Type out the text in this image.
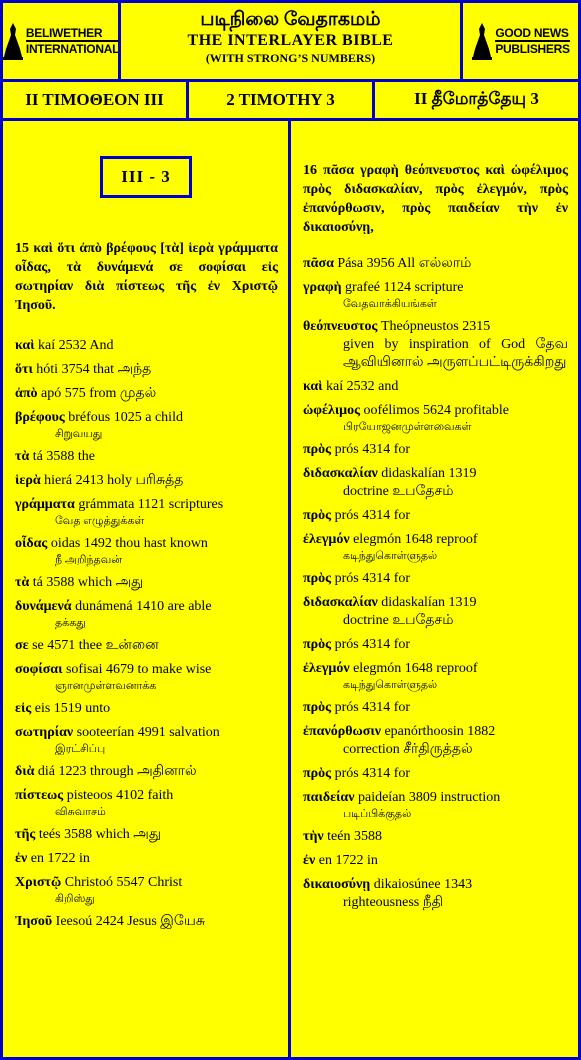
BELIWETHER
INTERNATIONAL
படிநிலை வேதாகமம்
THE INTERLAYER BIBLE
(WITH STRONG’S NUMBERS)
GOOD NEWS
PUBLISHERS
II TIMOΘEON III	2 TIMOTHY 3	II தீமோத்தேயு 3
III - 3
15 καὶ ὅτι ἀπὸ βρέφους [τὰ] ἱερὰ γράμματα οἶδας, τὰ δυνάμενά σε σοφίσαι εἰς σωτηρίαν διὰ πίστεως τῆς ἐν Χριστῷ Ἰησοῦ.
καὶ kaí 2532 And
ὅτι hóti 3754 that அந்த
ἀπὸ apó 575 from முதல்
βρέφους bréfous 1025 a child
சிறுவயது
τὰ tá 3588 the
ἱερὰ hierá 2413 holy பரிசுத்த
γράμματα grámmata 1121 scriptures
வேத எழுத்துக்கள்
οἶδας oidas 1492 thou hast known
நீ அறிந்தவன்
τὰ tá 3588 which அது
δυνάμενά dunámená 1410 are able
தக்கது
σε se 4571 thee உன்னை
σοφίσαι sofisai 4679 to make wise
ஞானமுள்ளவனாக்க
εἰς eis 1519 unto
σωτηρίαν sooteerían 4991 salvation
இரட்சிப்பு
διὰ diá 1223 through அதினால்
πίστεως pisteoos 4102 faith
விசுவாசம்
τῆς teés 3588 which அது
ἐν en 1722 in
Χριστῷ Christoó 5547 Christ
கிறிஸ்து
Ἰησοῦ Ieesoú 2424 Jesus இயேசு
16 πᾶσα γραφὴ θεόπνευστος καὶ ὠφέλιμος πρὸς διδασκαλίαν, πρὸς ἐλεγμόν, πρὸς ἐπανόρθωσιν, πρὸς παιδείαν τὴν ἐν δικαιοσύνῃ,
πᾶσα Pása 3956 All எல்லாம்
γραφὴ grafeé 1124 scripture
வேதவாக்கியங்கள்
θεόπνευστος Theópneustos 2315
given by inspiration of God தேவ ஆவியினால் அருளப்பட்டிருக்கிறது
καὶ kaí 2532 and
ὠφέλιμος oofélimos 5624 profitable
பிரயோஜனமுள்ளவைகள்
πρὸς prós 4314 for
διδασκαλίαν didaskalían 1319
doctrine உபதேசம்
πρὸς prós 4314 for
ἐλεγμόν elegmón 1648 reproof
கடிந்துகொள்ளுதல்
πρὸς prós 4314 for
διδασκαλίαν didaskalían 1319
doctrine உபதேசம்
πρὸς prós 4314 for
ἐλεγμόν elegmón 1648 reproof
கடிந்துகொள்ளுதல்
πρὸς prós 4314 for
ἐπανόρθωσιν epanórthoosin 1882
correction சீர்திருத்தல்
πρὸς prós 4314 for
παιδείαν paideían 3809 instruction
படிப்பிக்குதல்
τὴν teén 3588
ἐν en 1722 in
δικαιοσύνῃ dikaiosúnee 1343
righteousness நீதி
